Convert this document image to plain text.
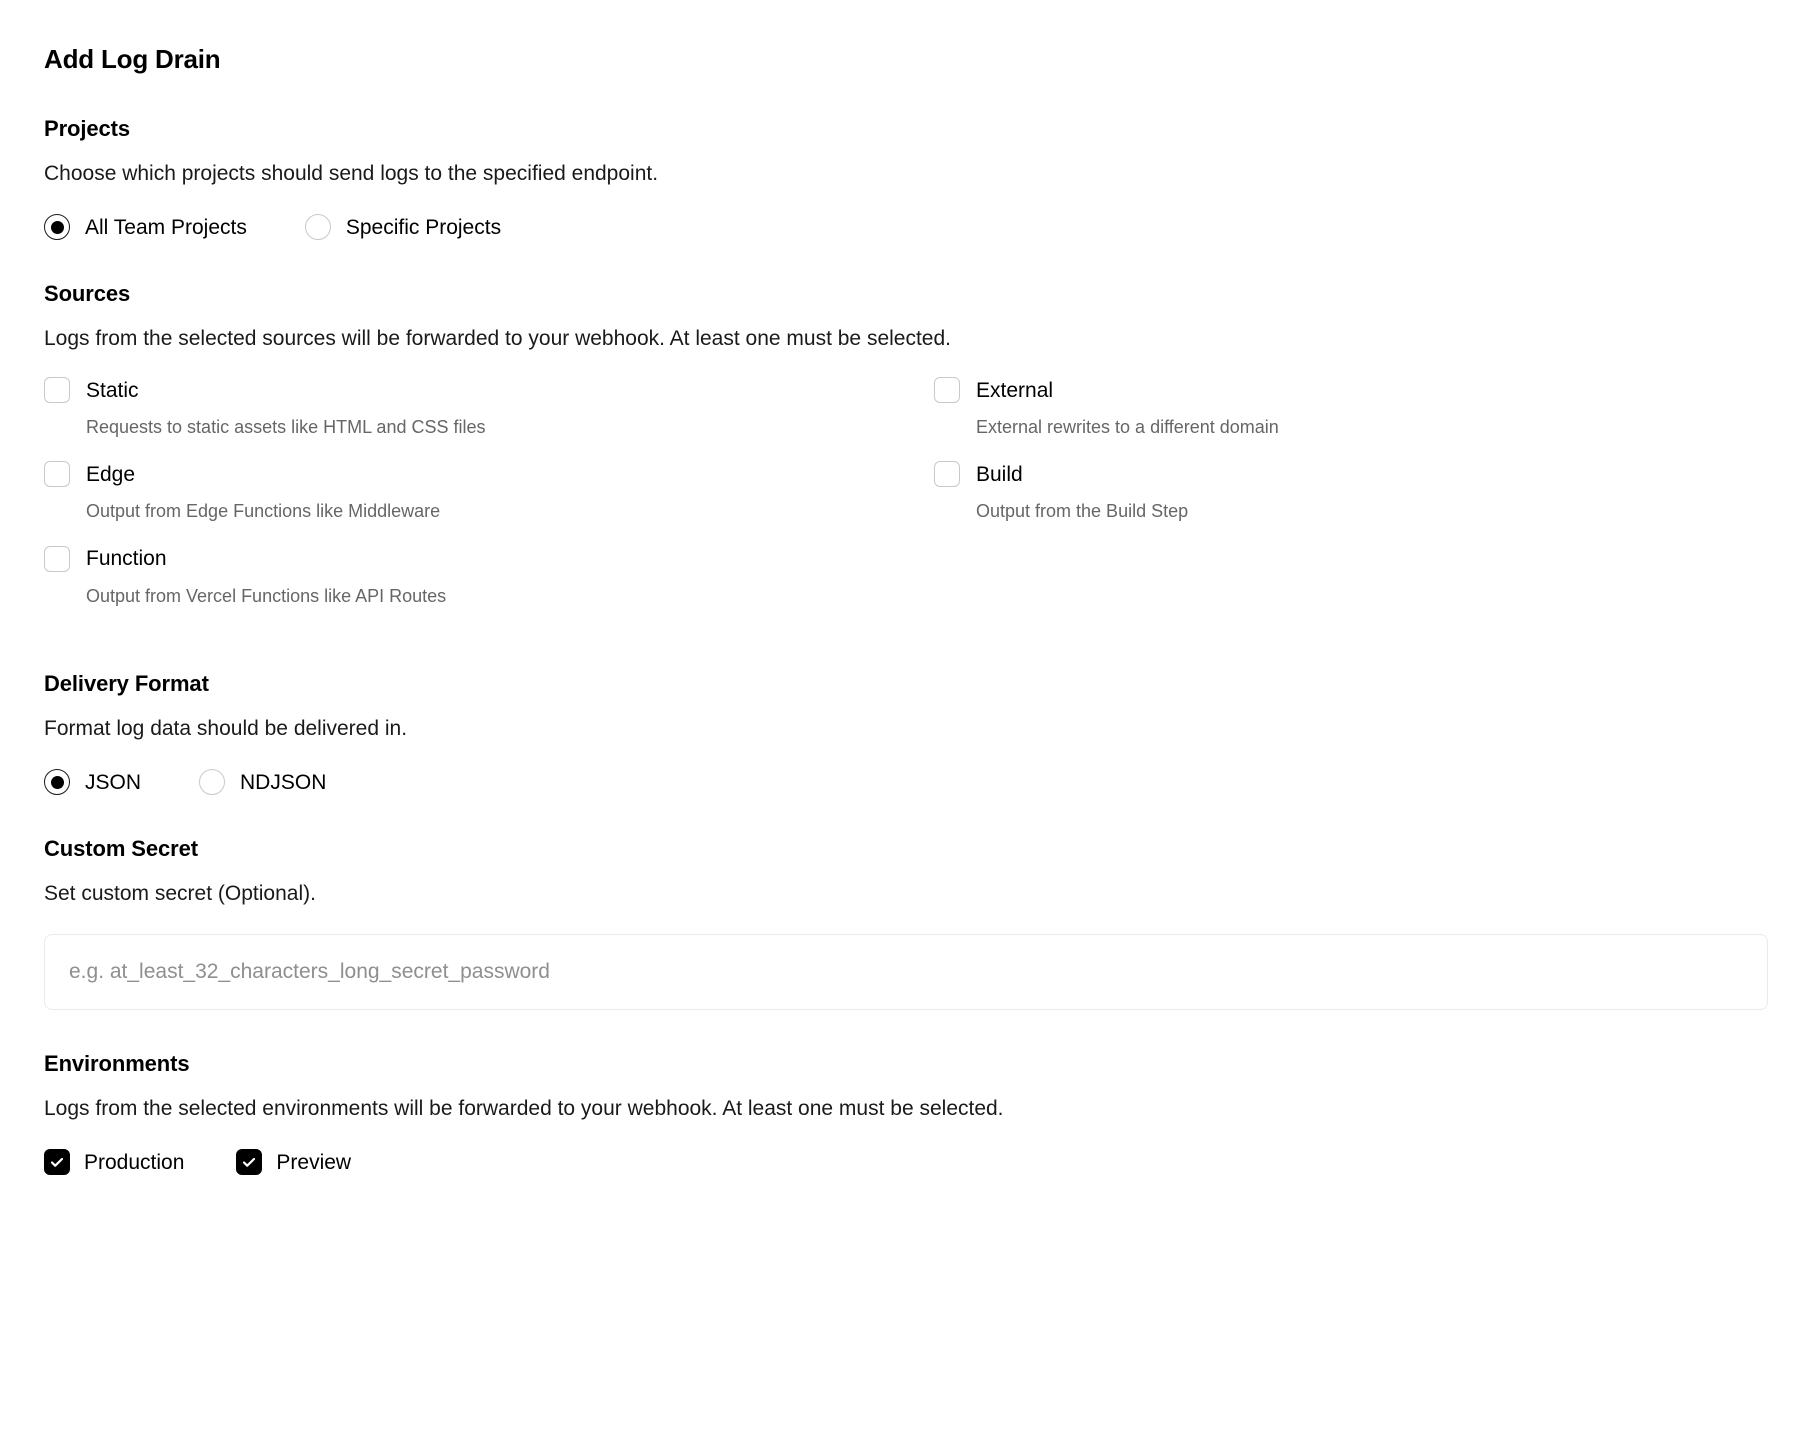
Add Log Drain
Projects

Choose which projects should send logs to the specified endpoint.

All Team Projects	Specific Projects
Sources

Logs from the selected sources will be forwarded to your webhook. At least one must be selected.

Static
Requests to static assets like HTML and CSS files
External
External rewrites to a different domain
Edge
Output from Edge Functions like Middleware
Build
Output from the Build Step
Function
Output from Vercel Functions like API Routes
Delivery Format

Format log data should be delivered in.

JSON	NDJSON
Custom Secret

Set custom secret (Optional).

e.g. at_least_32_characters_long_secret_password
Environments

Logs from the selected environments will be forwarded to your webhook. At least one must be selected.

Production	Preview
